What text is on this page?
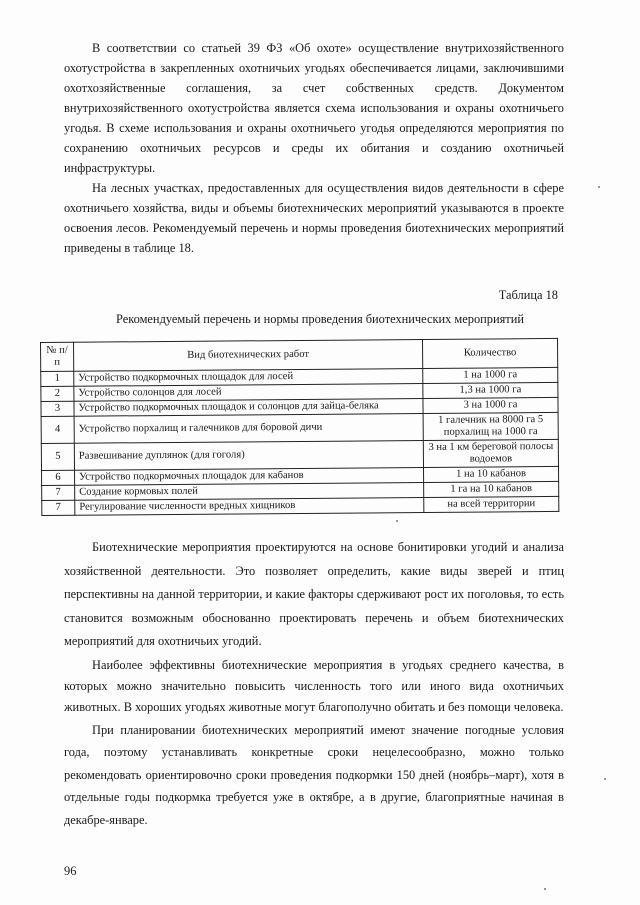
В соответствии со статьей 39 ФЗ «Об охоте» осуществление внутрихозяйственного охотустройства в закрепленных охотничьих угодьях обеспечивается лицами, заключившими охотхозяйственные соглашения, за счет собственных средств. Документом внутрихозяйственного охотустройства является схема использования и охраны охотничьего угодья. В схеме использования и охраны охотничьего угодья определяются мероприятия по сохранению охотничьих ресурсов и среды их обитания и созданию охотничьей инфраструктуры.

На лесных участках, предоставленных для осуществления видов деятельности в сфере охотничьего хозяйства, виды и объемы биотехнических мероприятий указываются в проекте освоения лесов. Рекомендуемый перечень и нормы проведения биотехнических мероприятий приведены в таблице 18.

Таблица 18
Рекомендуемый перечень и нормы проведения биотехнических мероприятий
№ п/п	Вид биотехнических работ	Количество
1	Устройство подкормочных площадок для лосей	1 на 1000 га
2	Устройство солонцов для лосей	1,3 на 1000 га
3	Устройство подкормочных площадок и солонцов для зайца-беляка	3 на 1000 га
4	Устройство порхалищ и галечников для боровой дичи	1 галечник на 8000 га 5 порхалищ на 1000 га
5	Развешивание дуплянок (для гоголя)	3 на 1 км береговой полосы водоемов
6	Устройство подкормочных площадок для кабанов	1 на 10 кабанов
7	Создание кормовых полей	1 га на 10 кабанов
7	Регулирование численности вредных хищников	на всей территории

Биотехнические мероприятия проектируются на основе бонитировки угодий и анализа хозяйственной деятельности. Это позволяет определить, какие виды зверей и птиц перспективны на данной территории, и какие факторы сдерживают рост их поголовья, то есть становится возможным обоснованно проектировать перечень и объем биотехнических мероприятий для охотничьих угодий.

Наиболее эффективны биотехнические мероприятия в угодьях среднего качества, в которых можно значительно повысить численность того или иного вида охотничьих животных. В хороших угодьях животные могут благополучно обитать и без помощи человека.

При планировании биотехнических мероприятий имеют значение погодные условия года, поэтому устанавливать конкретные сроки нецелесообразно, можно только рекомендовать ориентировочно сроки проведения подкормки 150 дней (ноябрь–март), хотя в отдельные годы подкормка требуется уже в октябре, а в другие, благоприятные начиная в декабре-январе.

96
